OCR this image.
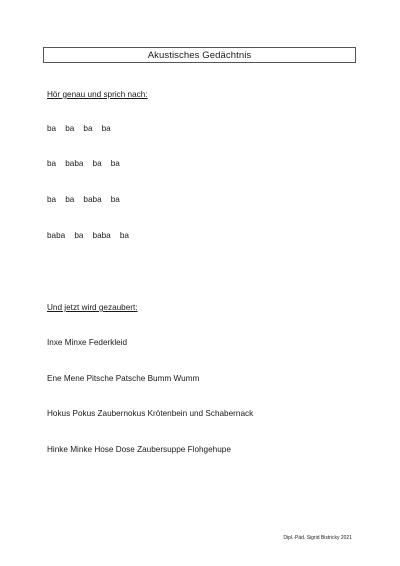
Akustisches Gedächtnis
Hör genau und sprich nach:
ba    ba    ba    ba
ba    baba    ba    ba
ba    ba    baba    ba
baba    ba    baba    ba
Und jetzt wird gezaubert:
Inxe Minxe Federkleid
Ene Mene Pitsche Patsche Bumm Wumm
Hokus Pokus Zaubernokus Krötenbein und Schabernack
Hinke Minke Hose Dose Zaubersuppe Flohgehupe
Dipl.-Päd. Sigrid Bistricky 2021
